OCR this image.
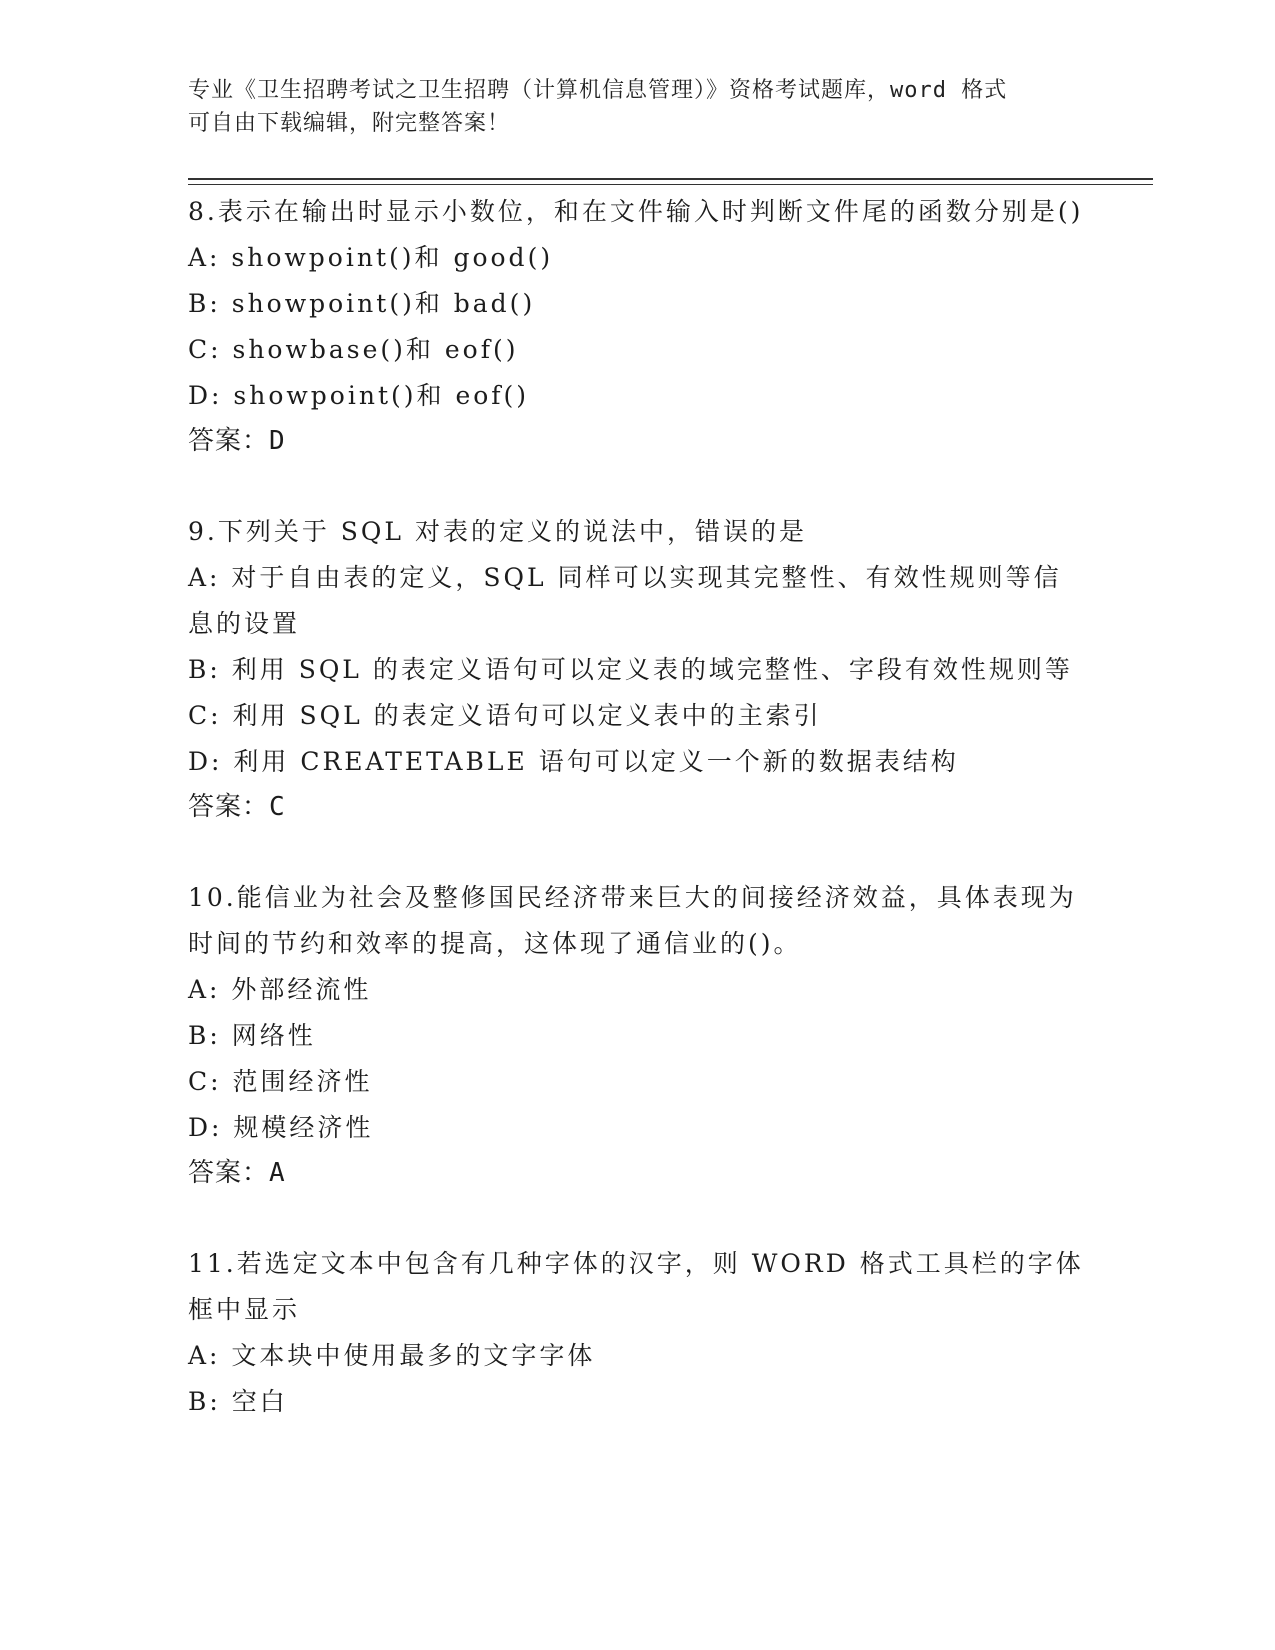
专业《卫生招聘考试之卫生招聘（计算机信息管理）》资格考试题库，word 格式
可自由下载编辑，附完整答案！

8.表示在输出时显示小数位，和在文件输入时判断文件尾的函数分别是()

A: showpoint()和 good()

B: showpoint()和 bad()

C: showbase()和 eof()

D: showpoint()和 eof()

答案：D

9.下列关于 SQL 对表的定义的说法中，错误的是

A: 对于自由表的定义，SQL 同样可以实现其完整性、有效性规则等信息的设置

B: 利用 SQL 的表定义语句可以定义表的域完整性、字段有效性规则等

C: 利用 SQL 的表定义语句可以定义表中的主索引

D: 利用 CREATETABLE 语句可以定义一个新的数据表结构

答案：C

10.能信业为社会及整修国民经济带来巨大的间接经济效益，具体表现为时间的节约和效率的提高，这体现了通信业的()。

A: 外部经流性

B: 网络性

C: 范围经济性

D: 规模经济性

答案：A

11.若选定文本中包含有几种字体的汉字，则 WORD 格式工具栏的字体框中显示

A: 文本块中使用最多的文字字体

B: 空白
